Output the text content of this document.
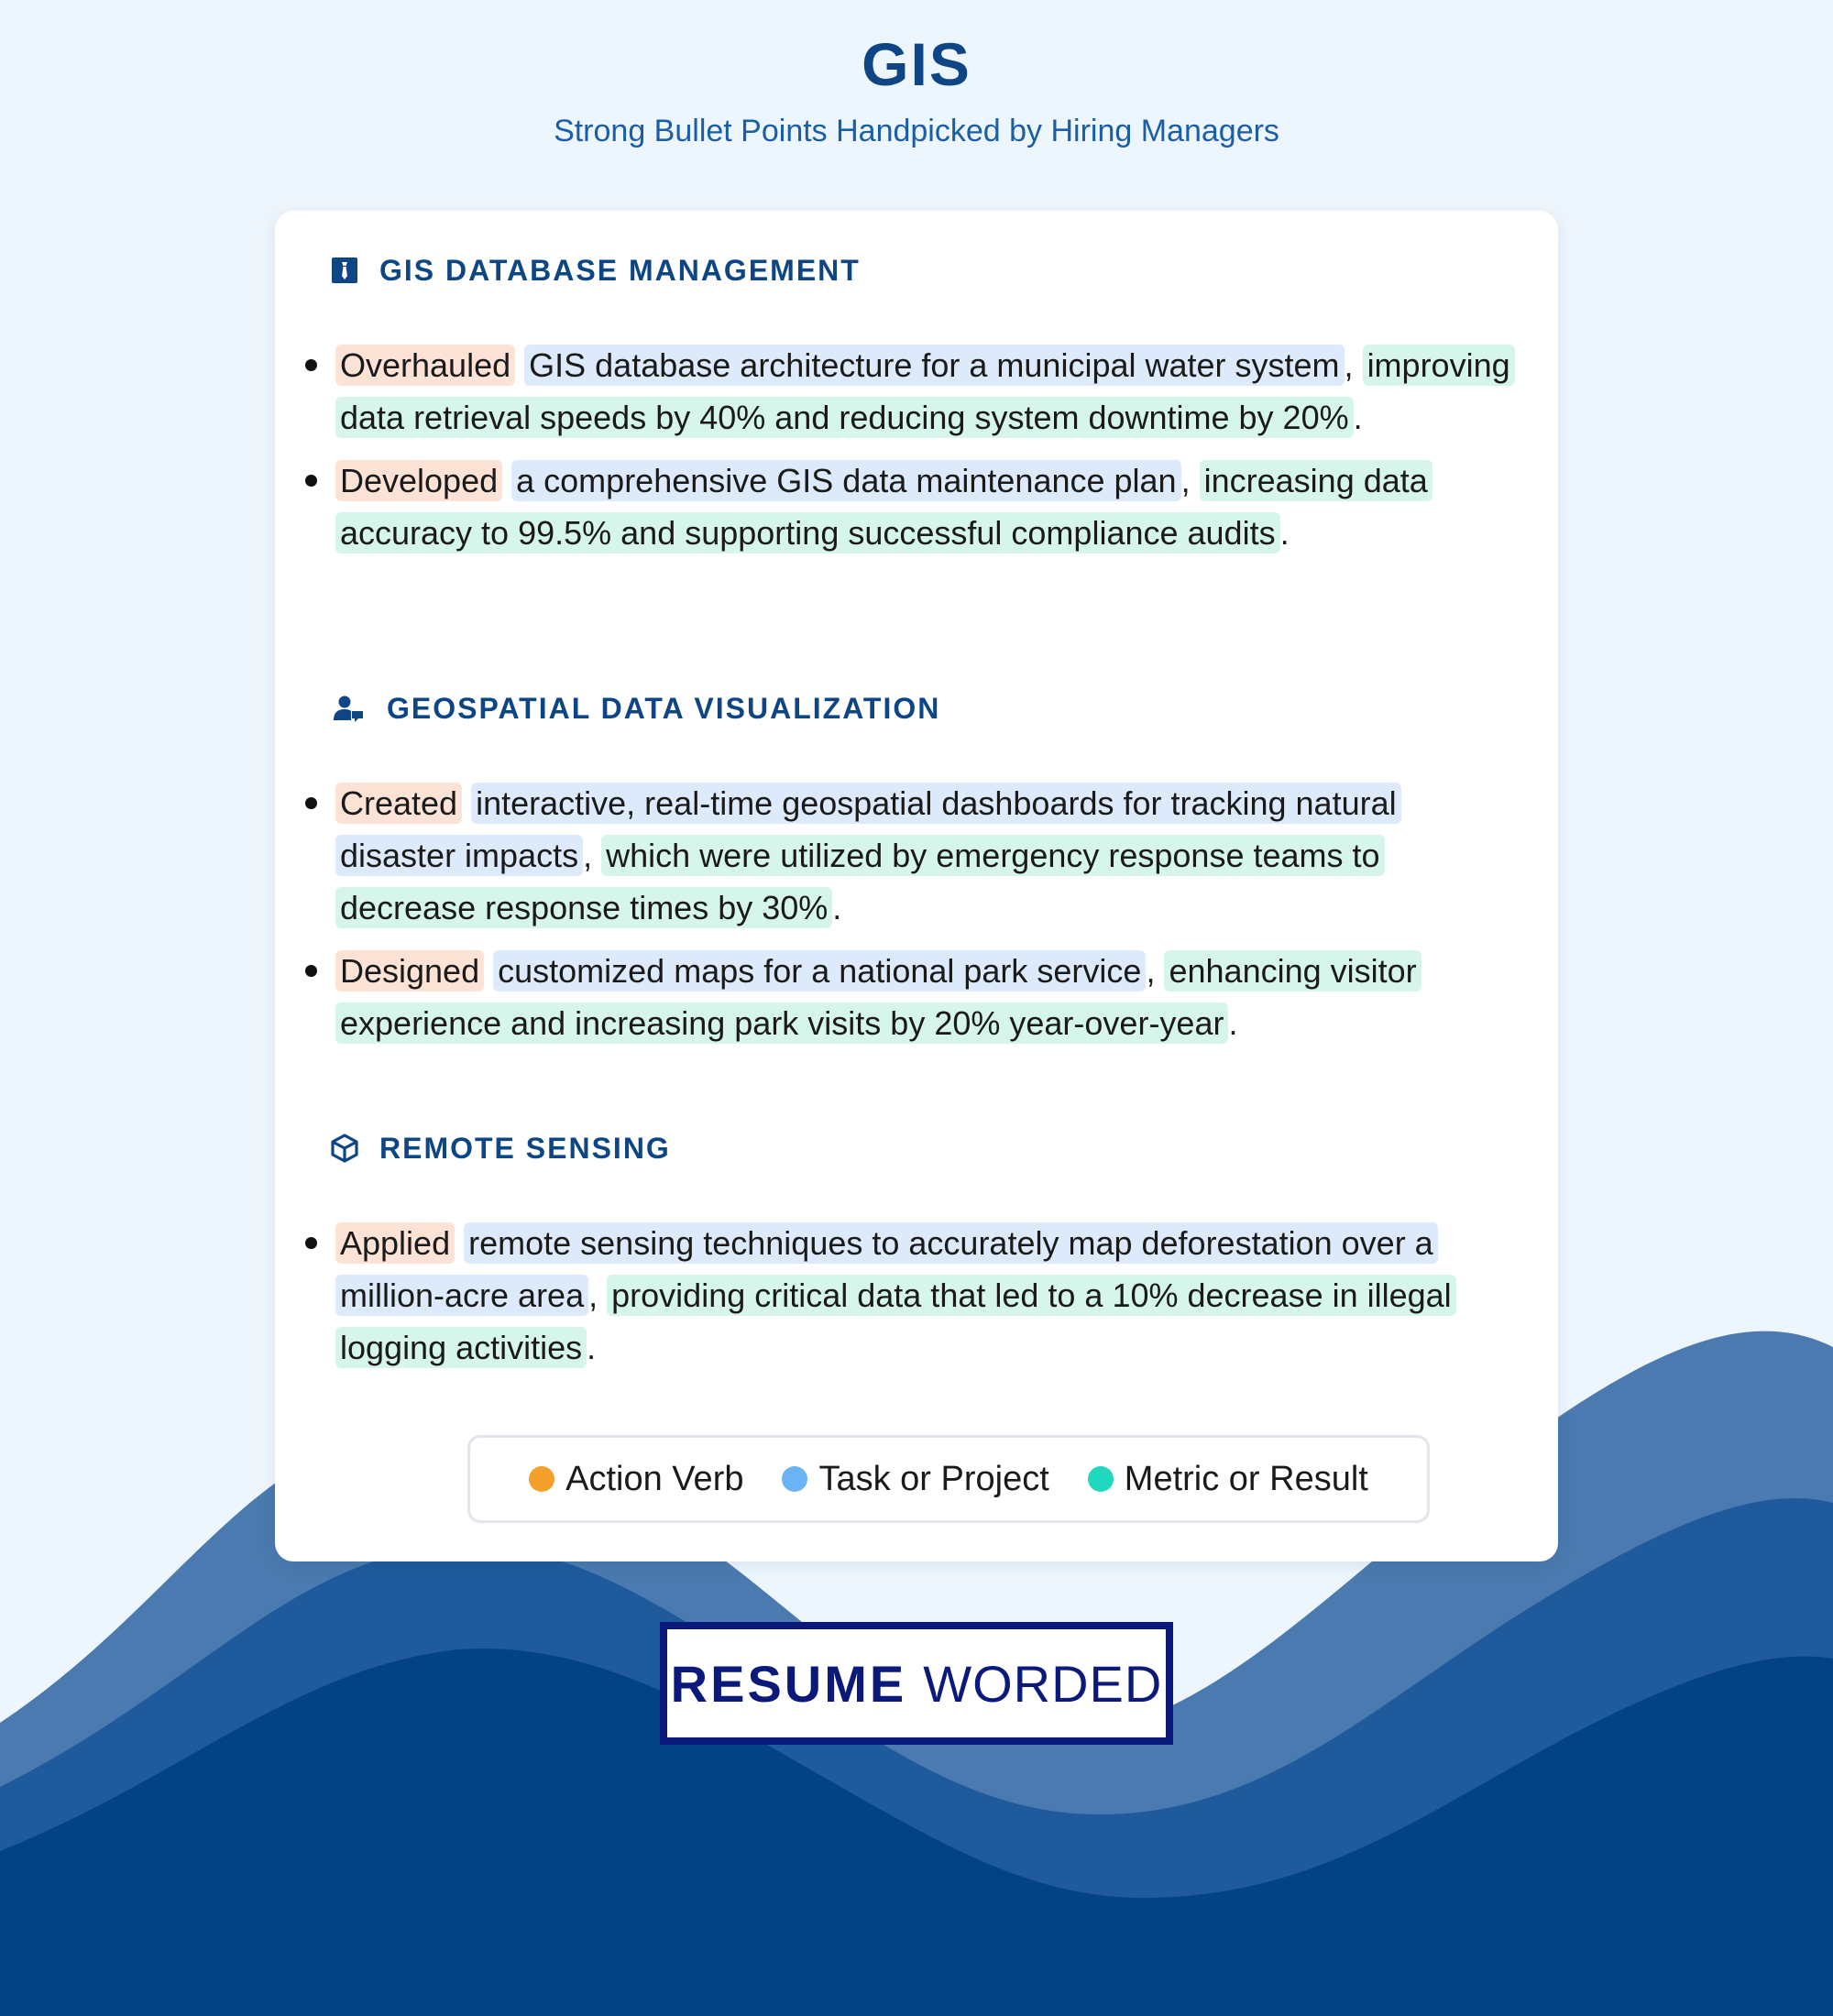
GIS
Strong Bullet Points Handpicked by Hiring Managers
GIS DATABASE MANAGEMENT
Overhauled GIS database architecture for a municipal water system , improving data retrieval speeds by 40% and reducing system downtime by 20% .
Developed a comprehensive GIS data maintenance plan , increasing data accuracy to 99.5% and supporting successful compliance audits .
GEOSPATIAL DATA VISUALIZATION
Created interactive, real-time geospatial dashboards for tracking natural disaster impacts , which were utilized by emergency response teams to decrease response times by 30% .
Designed customized maps for a national park service , enhancing visitor experience and increasing park visits by 20% year-over-year .
REMOTE SENSING
Applied remote sensing techniques to accurately map deforestation over a million-acre area , providing critical data that led to a 10% decrease in illegal logging activities .
Action Verb Task or Project Metric or Result
RESUME WORDED
